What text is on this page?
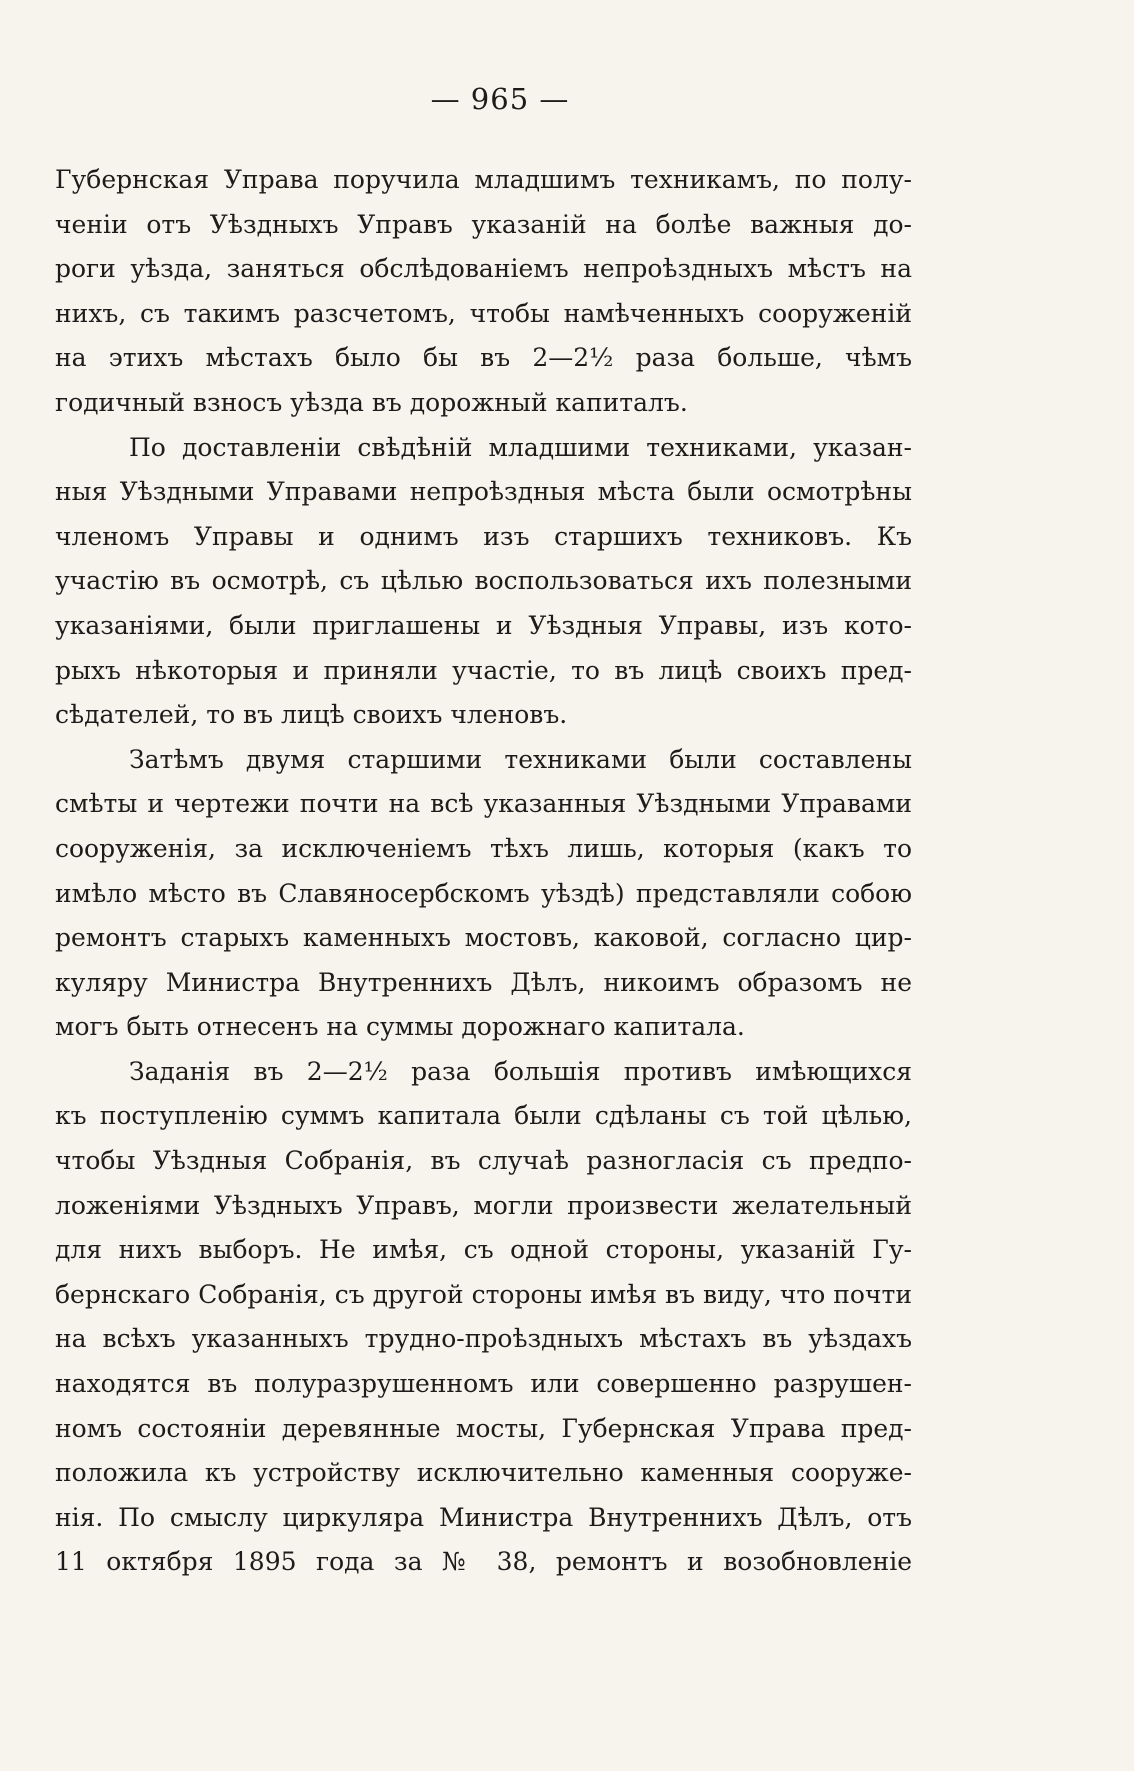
— 965 —
Губернская Управа поручила младшимъ техникамъ, по полу-
ченіи отъ Уѣздныхъ Управъ указаній на болѣе важныя до-
роги уѣзда, заняться обслѣдованіемъ непроѣздныхъ мѣстъ на
нихъ, съ такимъ разсчетомъ, чтобы намѣченныхъ сооруженій
на этихъ мѣстахъ было бы въ 2—2½ раза больше, чѣмъ
годичный взносъ уѣзда въ дорожный капиталъ.
По доставленіи свѣдѣній младшими техниками, указан-
ныя Уѣздными Управами непроѣздныя мѣста были осмотрѣны
членомъ Управы и однимъ изъ старшихъ техниковъ. Къ
участію въ осмотрѣ, съ цѣлью воспользоваться ихъ полезными
указаніями, были приглашены и Уѣздныя Управы, изъ кото-
рыхъ нѣкоторыя и приняли участіе, то въ лицѣ своихъ пред-
сѣдателей, то въ лицѣ своихъ членовъ.
Затѣмъ двумя старшими техниками были составлены
смѣты и чертежи почти на всѣ указанныя Уѣздными Управами
сооруженія, за исключеніемъ тѣхъ лишь, которыя (какъ то
имѣло мѣсто въ Славяносербскомъ уѣздѣ) представляли собою
ремонтъ старыхъ каменныхъ мостовъ, каковой, согласно цир-
куляру Министра Внутреннихъ Дѣлъ, никоимъ образомъ не
могъ быть отнесенъ на суммы дорожнаго капитала.
Заданія въ 2—2½ раза большія противъ имѣющихся
къ поступленію суммъ капитала были сдѣланы съ той цѣлью,
чтобы Уѣздныя Собранія, въ случаѣ разногласія съ предпо-
ложеніями Уѣздныхъ Управъ, могли произвести желательный
для нихъ выборъ. Не имѣя, съ одной стороны, указаній Гу-
бернскаго Собранія, съ другой стороны имѣя въ виду, что почти
на всѣхъ указанныхъ трудно-проѣздныхъ мѣстахъ въ уѣздахъ
находятся въ полуразрушенномъ или совершенно разрушен-
номъ состояніи деревянные мосты, Губернская Управа пред-
положила къ устройству исключительно каменныя сооруже-
нія. По смыслу циркуляра Министра Внутреннихъ Дѣлъ, отъ
11 октября 1895 года за № 38, ремонтъ и возобновленіе
